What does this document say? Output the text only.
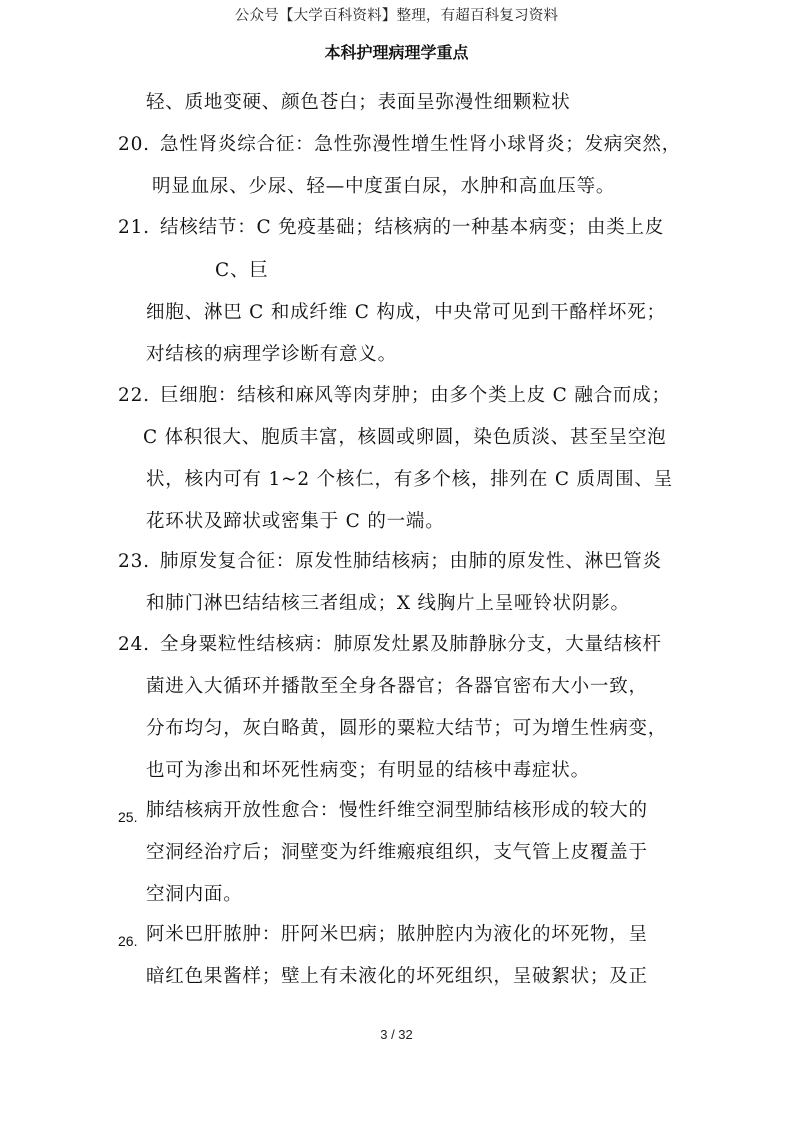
公众号【大学百科资料】整理，有超百科复习资料
本科护理病理学重点
轻、质地变硬、颜色苍白；表面呈弥漫性细颗粒状
20. 急性肾炎综合征：急性弥漫性增生性肾小球肾炎；发病突然，
明显血尿、少尿、轻—中度蛋白尿，水肿和高血压等。
21. 结核结节：C 免疫基础；结核病的一种基本病变；由类上皮
C、巨
细胞、淋巴 C 和成纤维 C 构成，中央常可见到干酪样坏死；
对结核的病理学诊断有意义。
22. 巨细胞：结核和麻风等肉芽肿；由多个类上皮 C 融合而成；
C 体积很大、胞质丰富，核圆或卵圆，染色质淡、甚至呈空泡
状，核内可有 1~2 个核仁，有多个核，排列在 C 质周围、呈
花环状及蹄状或密集于 C 的一端。
23. 肺原发复合征：原发性肺结核病；由肺的原发性、淋巴管炎
和肺门淋巴结结核三者组成；X 线胸片上呈哑铃状阴影。
24. 全身粟粒性结核病：肺原发灶累及肺静脉分支，大量结核杆
菌进入大循环并播散至全身各器官；各器官密布大小一致，
分布均匀，灰白略黄，圆形的粟粒大结节；可为增生性病变，
也可为渗出和坏死性病变；有明显的结核中毒症状。
25. 肺结核病开放性愈合：慢性纤维空洞型肺结核形成的较大的
空洞经治疗后；洞壁变为纤维瘢痕组织，支气管上皮覆盖于
空洞内面。
26. 阿米巴肝脓肿：肝阿米巴病；脓肿腔内为液化的坏死物，呈
暗红色果酱样；壁上有未液化的坏死组织，呈破絮状；及正
3 / 32
